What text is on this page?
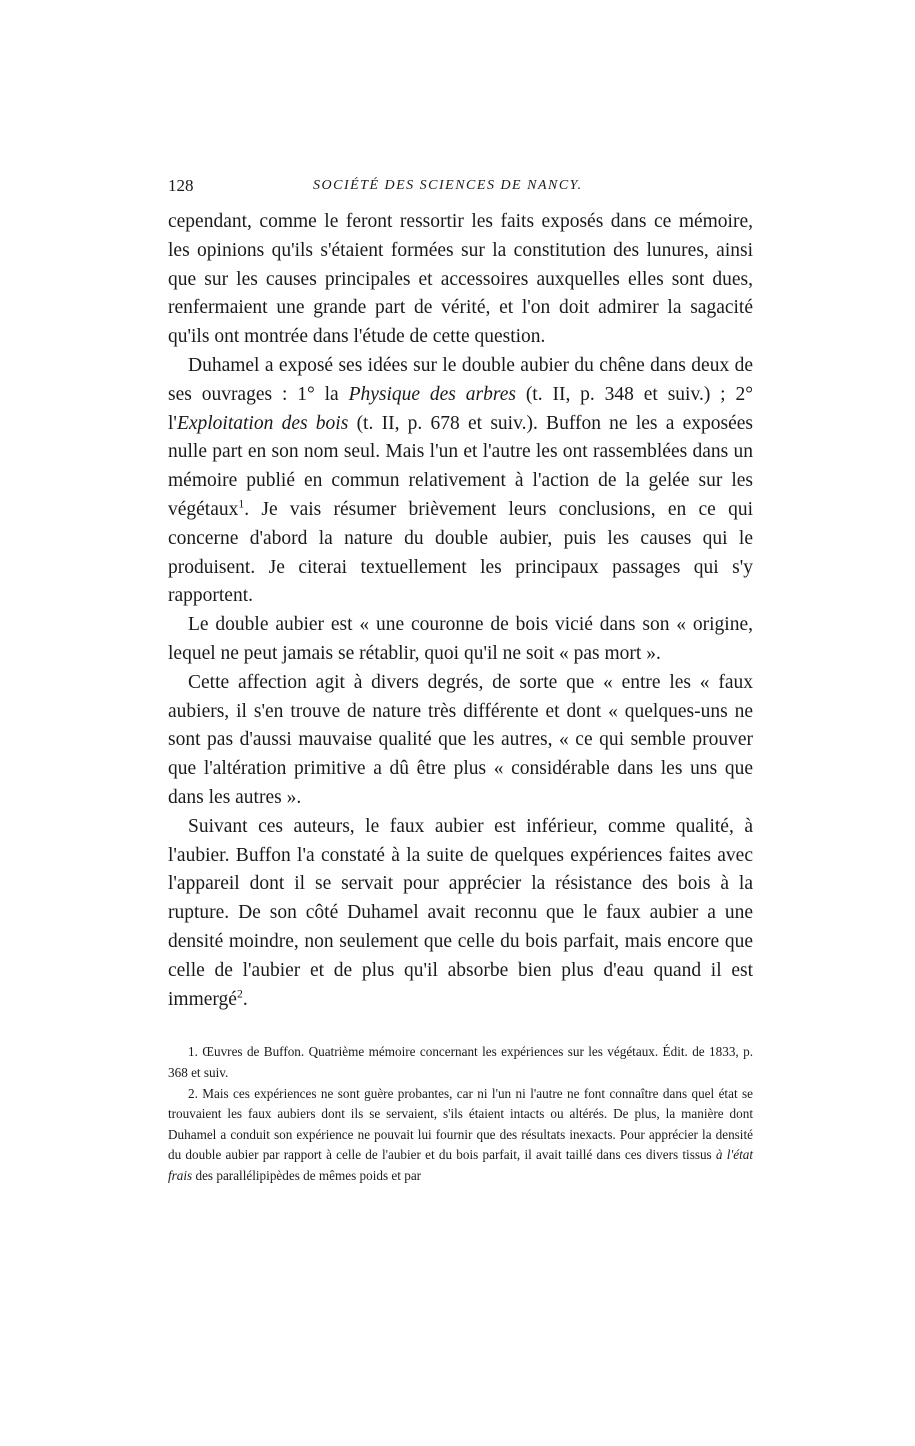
128	SOCIÉTÉ DES SCIENCES DE NANCY.

cependant, comme le feront ressortir les faits exposés dans ce mémoire, les opinions qu'ils s'étaient formées sur la constitution des lunures, ainsi que sur les causes principales et accessoires auxquelles elles sont dues, renfermaient une grande part de vérité, et l'on doit admirer la sagacité qu'ils ont montrée dans l'étude de cette question.

Duhamel a exposé ses idées sur le double aubier du chêne dans deux de ses ouvrages : 1° la Physique des arbres (t. II, p. 348 et suiv.) ; 2° l'Exploitation des bois (t. II, p. 678 et suiv.). Buffon ne les a exposées nulle part en son nom seul. Mais l'un et l'autre les ont rassemblées dans un mémoire publié en commun relativement à l'action de la gelée sur les végétaux$^1$. Je vais résumer brièvement leurs conclusions, en ce qui concerne d'abord la nature du double aubier, puis les causes qui le produisent. Je citerai textuellement les principaux passages qui s'y rapportent.

Le double aubier est « une couronne de bois vicié dans son « origine, lequel ne peut jamais se rétablir, quoi qu'il ne soit « pas mort ».

Cette affection agit à divers degrés, de sorte que « entre les « faux aubiers, il s'en trouve de nature très différente et dont « quelques-uns ne sont pas d'aussi mauvaise qualité que les autres, « ce qui semble prouver que l'altération primitive a dû être plus « considérable dans les uns que dans les autres ».

Suivant ces auteurs, le faux aubier est inférieur, comme qualité, à l'aubier. Buffon l'a constaté à la suite de quelques expériences faites avec l'appareil dont il se servait pour apprécier la résistance des bois à la rupture. De son côté Duhamel avait reconnu que le faux aubier a une densité moindre, non seulement que celle du bois parfait, mais encore que celle de l'aubier et de plus qu'il absorbe bien plus d'eau quand il est immergé$^2$.

1. Œuvres de Buffon. Quatrième mémoire concernant les expériences sur les végétaux. Édit. de 1833, p. 368 et suiv.

2. Mais ces expériences ne sont guère probantes, car ni l'un ni l'autre ne font connaître dans quel état se trouvaient les faux aubiers dont ils se servaient, s'ils étaient intacts ou altérés. De plus, la manière dont Duhamel a conduit son expérience ne pouvait lui fournir que des résultats inexacts. Pour apprécier la densité du double aubier par rapport à celle de l'aubier et du bois parfait, il avait taillé dans ces divers tissus à l'état frais des parallélipipèdes de mêmes poids et par
